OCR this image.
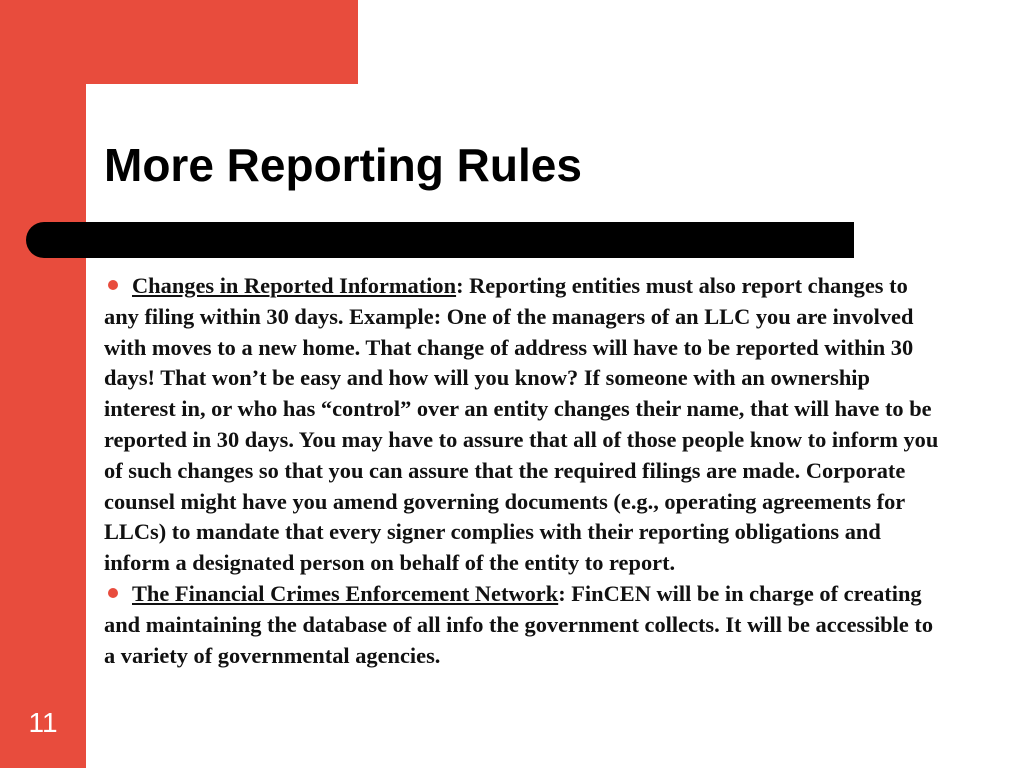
More Reporting Rules

Changes in Reported Information: Reporting entities must also report changes to any filing within 30 days. Example: One of the managers of an LLC you are involved with moves to a new home. That change of address will have to be reported within 30 days! That won’t be easy and how will you know? If someone with an ownership interest in, or who has “control” over an entity changes their name, that will have to be reported in 30 days. You may have to assure that all of those people know to inform you of such changes so that you can assure that the required filings are made. Corporate counsel might have you amend governing documents (e.g., operating agreements for LLCs) to mandate that every signer complies with their reporting obligations and inform a designated person on behalf of the entity to report.

The Financial Crimes Enforcement Network: FinCEN will be in charge of creating and maintaining the database of all info the government collects. It will be accessible to a variety of governmental agencies.

11
